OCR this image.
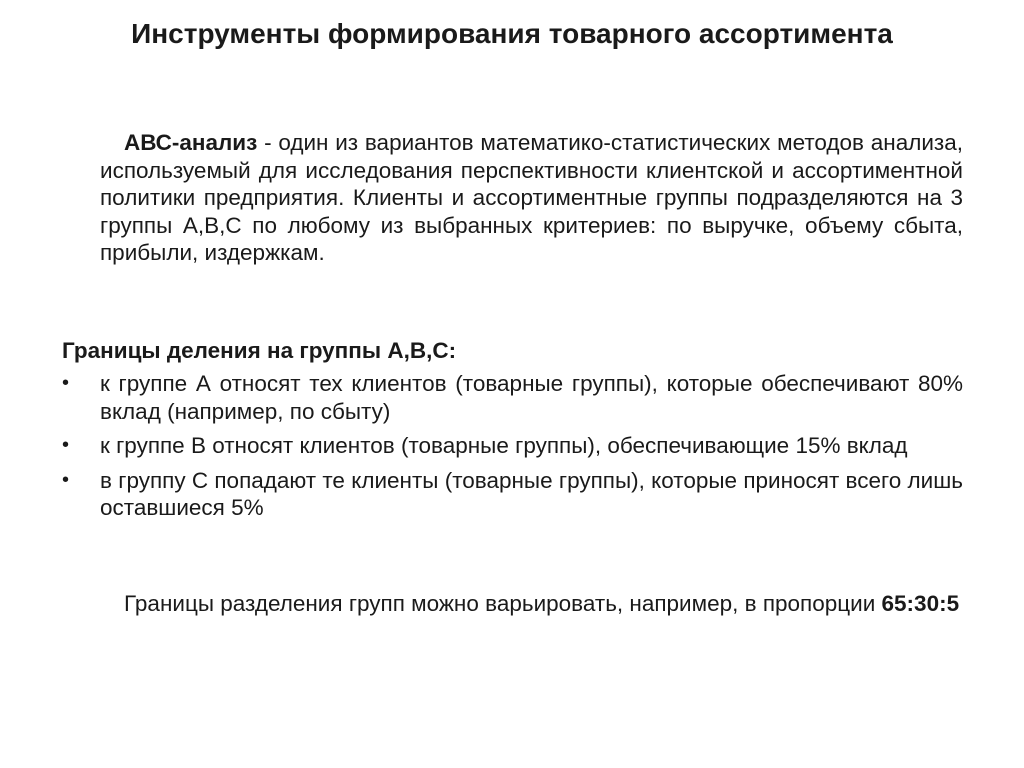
Инструменты формирования товарного ассортимента
АВС-анализ - один из вариантов математико-статистических методов анализа, используемый для исследования перспективности клиентской и ассортиментной политики предприятия. Клиенты и ассортиментные группы подразделяются на 3 группы А,В,С по любому из выбранных критериев: по выручке, объему сбыта, прибыли, издержкам.
Границы деления на группы А,В,С:
• к группе А относят тех клиентов (товарные группы), которые обеспечивают 80% вклад (например, по сбыту)
• к группе В относят клиентов (товарные группы), обеспечивающие 15% вклад
• в группу С попадают те клиенты (товарные группы), которые приносят всего лишь оставшиеся 5%
Границы разделения групп можно варьировать, например, в пропорции 65:30:5
